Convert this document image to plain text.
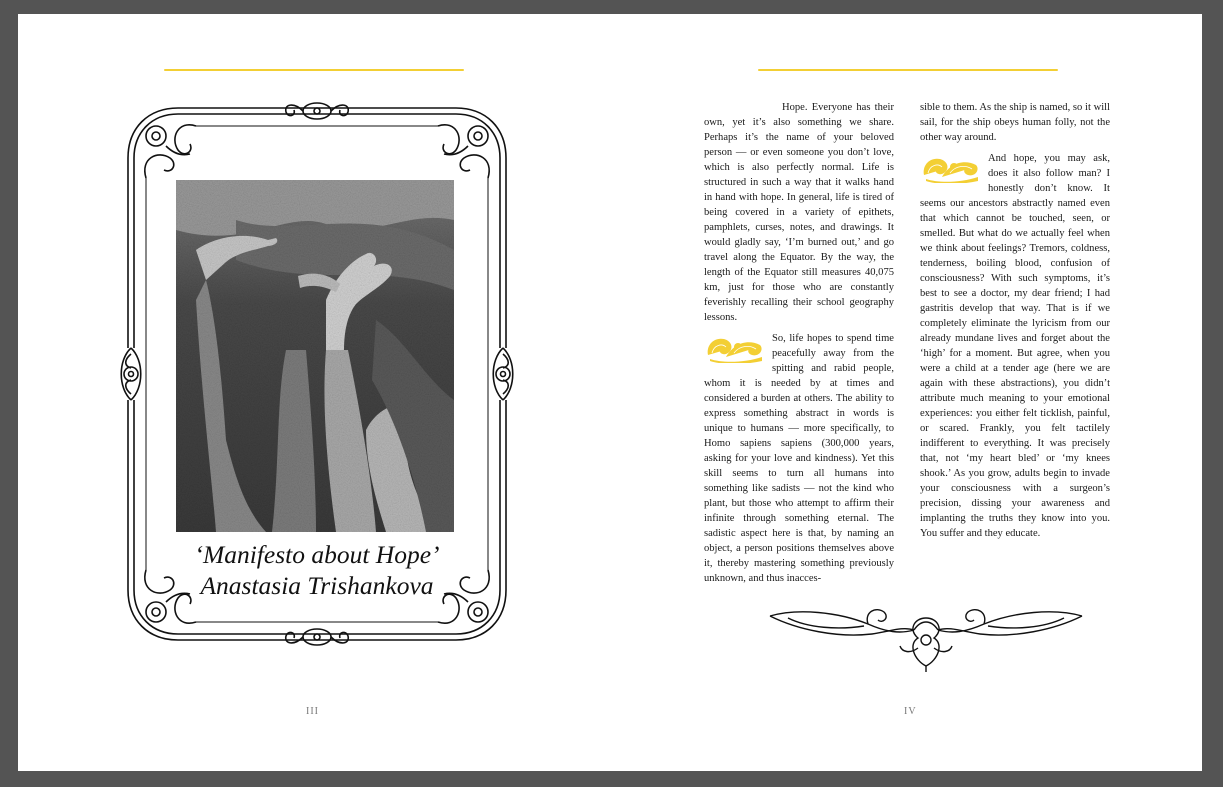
‘Manifesto about Hope’
Anastasia Trishankova
III

Hope. Everyone has their own, yet it’s also something we share. Perhaps it’s the name of your beloved person — or even someone you don’t love, which is also perfectly normal. Life is structured in such a way that it walks hand in hand with hope. In general, life is tired of being covered in a variety of epithets, pamphlets, curses, notes, and drawings. It would gladly say, ‘I’m burned out,’ and go travel along the Equator. By the way, the length of the Equator still measures 40,075 km, just for those who are constantly feverishly recalling their school geography lessons.

So, life hopes to spend time peacefully away from the spitting and rabid people, whom it is needed by at times and considered a burden at others. The ability to express something abstract in words is unique to humans — more specifically, to Homo sapiens sapiens (300,000 years, asking for your love and kindness). Yet this skill seems to turn all humans into something like sadists — not the kind who plant, but those who attempt to affirm their infinite through something eternal. The sadistic aspect here is that, by naming an object, a person positions themselves above it, thereby mastering something previously unknown, and thus inacces-

sible to them. As the ship is named, so it will sail, for the ship obeys human folly, not the other way around.

And hope, you may ask, does it also follow man? I honestly don’t know. It seems our ancestors abstractly named even that which cannot be touched, seen, or smelled. But what do we actually feel when we think about feelings? Tremors, coldness, tenderness, boiling blood, confusion of consciousness? With such symptoms, it’s best to see a doctor, my dear friend; I had gastritis develop that way. That is if we completely eliminate the lyricism from our already mundane lives and forget about the ‘high’ for a moment. But agree, when you were a child at a tender age (here we are again with these abstractions), you didn’t attribute much meaning to your emotional experiences: you either felt ticklish, painful, or scared. Frankly, you felt tactilely indifferent to everything. It was precisely that, not ‘my heart bled’ or ‘my knees shook.’ As you grow, adults begin to invade your consciousness with a surgeon’s precision, dissing your awareness and implanting the truths they know into you. You suffer and they educate.

IV
